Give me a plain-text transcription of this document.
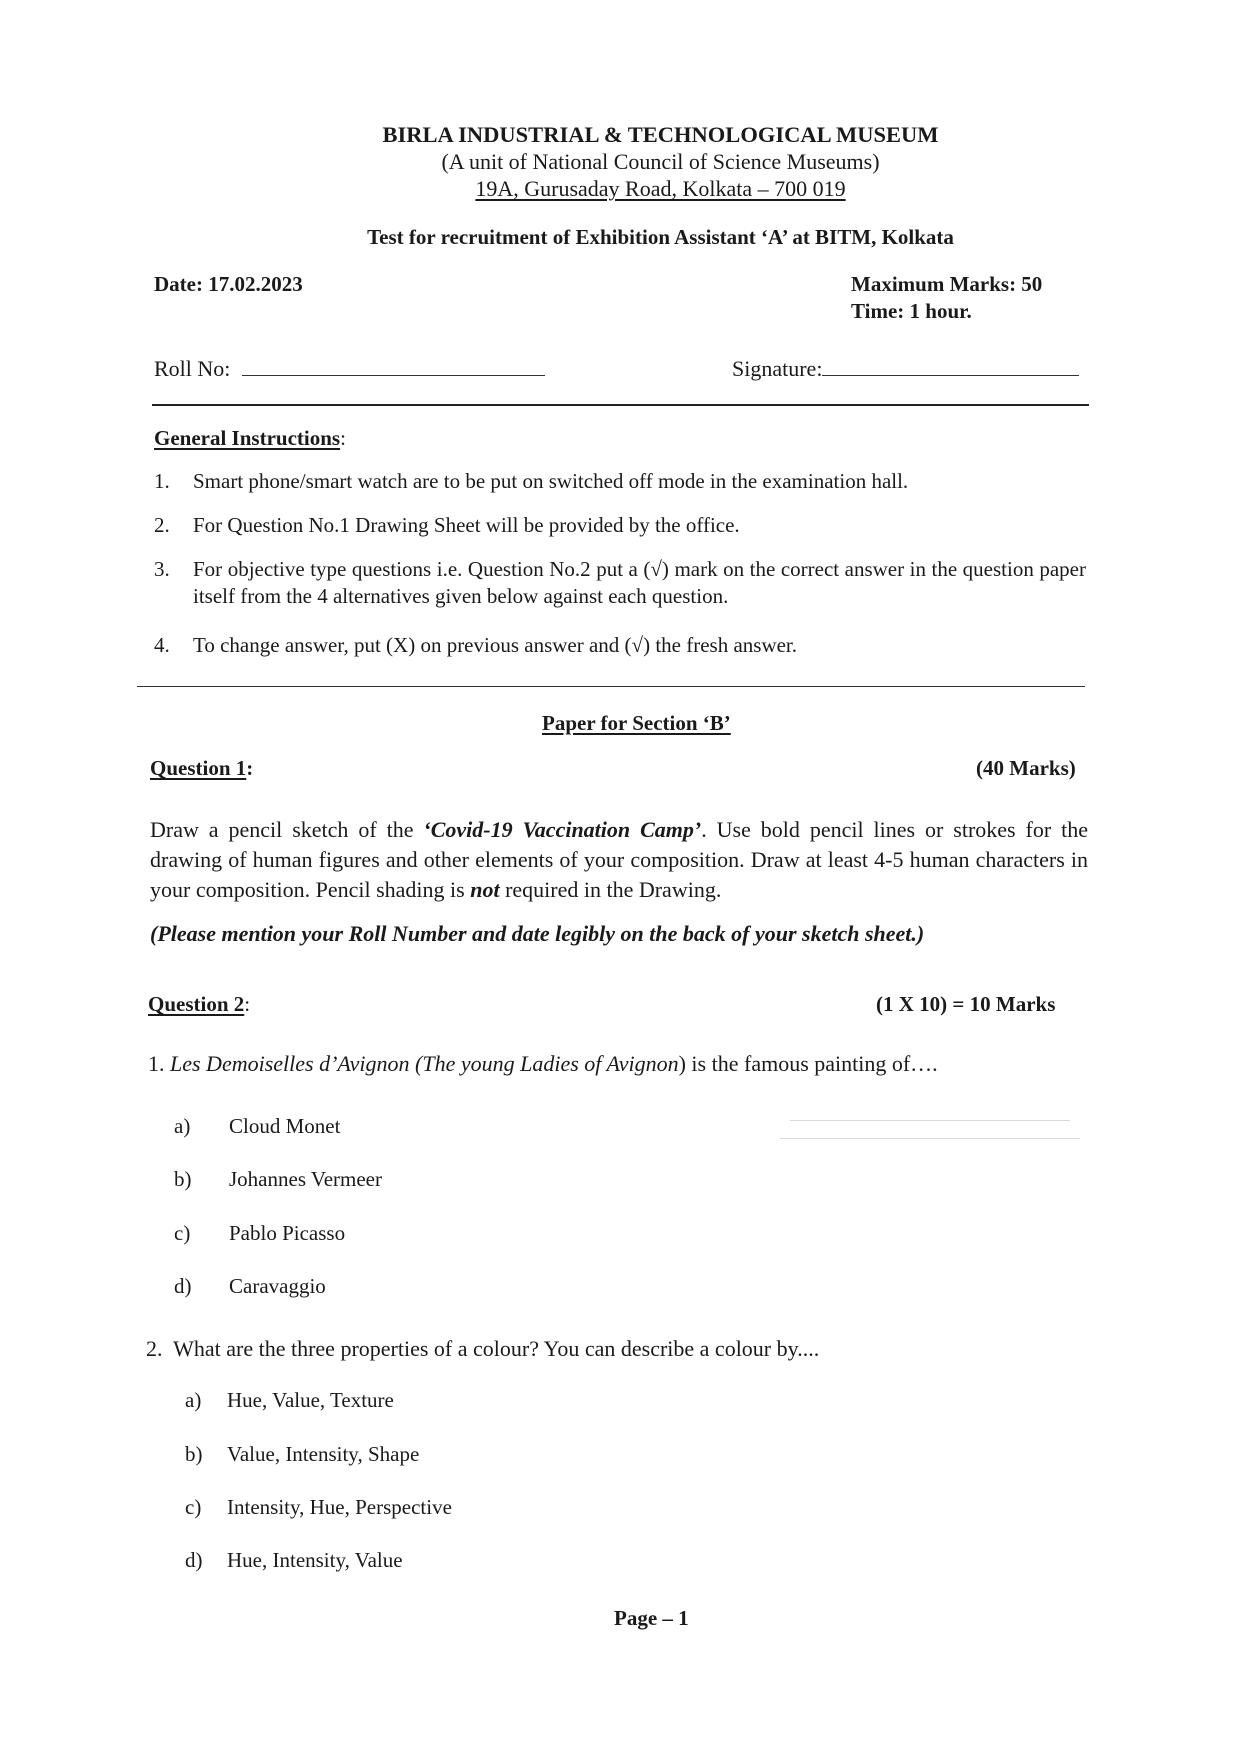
BIRLA INDUSTRIAL & TECHNOLOGICAL MUSEUM
(A unit of National Council of Science Museums)
19A, Gurusaday Road, Kolkata – 700 019
Test for recruitment of Exhibition Assistant ‘A’ at BITM, Kolkata
Date: 17.02.2023	Maximum Marks: 50
Time: 1 hour.
Roll No:	Signature:
General Instructions:
1.	Smart phone/smart watch are to be put on switched off mode in the examination hall.
2.	For Question No.1 Drawing Sheet will be provided by the office.
3.	For objective type questions i.e. Question No.2 put a (√) mark on the correct answer in the question paper itself from the 4 alternatives given below against each question.
4.	To change answer, put (X) on previous answer and (√) the fresh answer.
Paper for Section ‘B’
Question 1:	(40 Marks)
Draw a pencil sketch of the ‘Covid-19 Vaccination Camp’. Use bold pencil lines or strokes for the drawing of human figures and other elements of your composition. Draw at least 4-5 human characters in your composition. Pencil shading is not required in the Drawing.
(Please mention your Roll Number and date legibly on the back of your sketch sheet.)
Question 2:	(1 X 10) = 10 Marks
1. Les Demoiselles d’Avignon (The young Ladies of Avignon) is the famous painting of….
a) Cloud Monet
b) Johannes Vermeer
c) Pablo Picasso
d) Caravaggio
2. What are the three properties of a colour? You can describe a colour by....
a) Hue, Value, Texture
b) Value, Intensity, Shape
c) Intensity, Hue, Perspective
d) Hue, Intensity, Value
Page – 1
